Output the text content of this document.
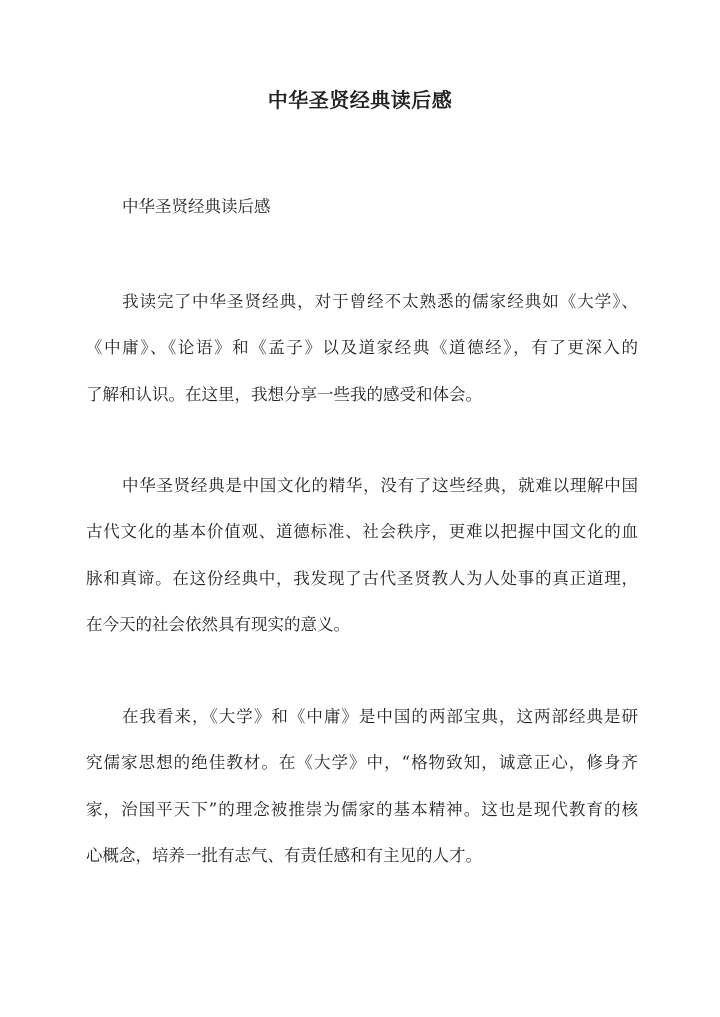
中华圣贤经典读后感

中华圣贤经典读后感

我读完了中华圣贤经典，对于曾经不太熟悉的儒家经典如《大学》、
《中庸》、《论语》和《孟子》以及道家经典《道德经》，有了更深入的
了解和认识。在这里，我想分享一些我的感受和体会。
中华圣贤经典是中国文化的精华，没有了这些经典，就难以理解中国
古代文化的基本价值观、道德标准、社会秩序，更难以把握中国文化的血
脉和真谛。在这份经典中，我发现了古代圣贤教人为人处事的真正道理，
在今天的社会依然具有现实的意义。
在我看来，《大学》和《中庸》是中国的两部宝典，这两部经典是研
究儒家思想的绝佳教材。在《大学》中，“格物致知，诚意正心，修身齐
家，治国平天下”的理念被推崇为儒家的基本精神。这也是现代教育的核
心概念，培养一批有志气、有责任感和有主见的人才。
